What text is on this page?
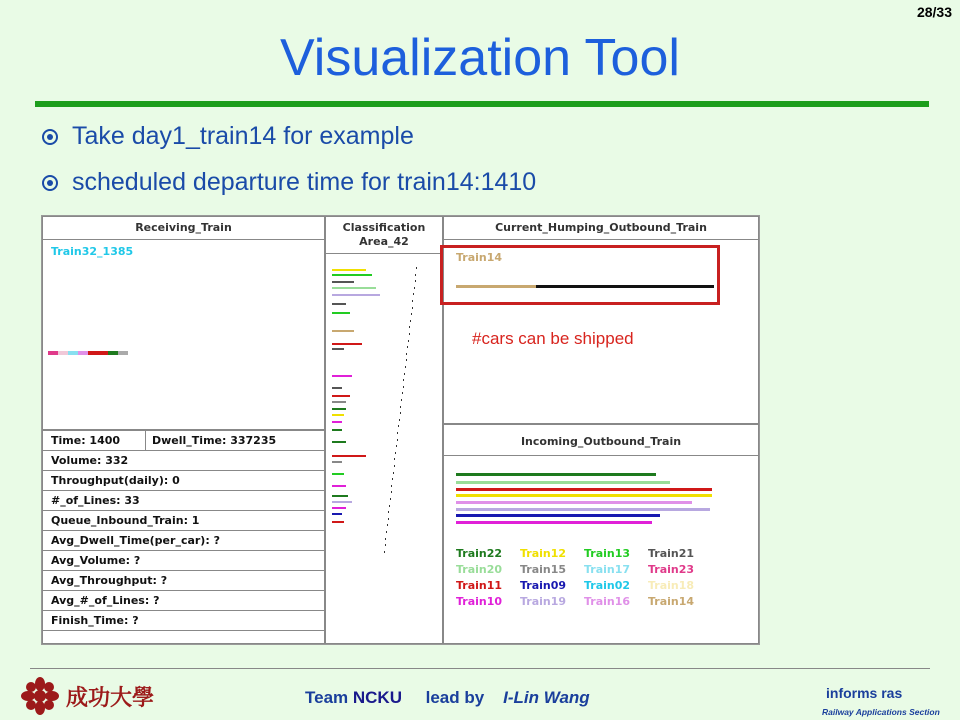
28/33
Visualization Tool
Take day1_train14 for example
scheduled departure time for train14:1410
Receiving_Train
Train32_1385
Time: 1400	Dwell_Time: 337235
Volume: 332
Throughput(daily): 0
#_of_Lines: 33
Queue_Inbound_Train: 1
Avg_Dwell_Time(per_car): ?
Avg_Volume: ?
Avg_Throughput: ?
Avg_#_of_Lines: ?
Finish_Time: ?
Classification
Area_42
Current_Humping_Outbound_Train
Train14
Incoming_Outbound_Train
Train22 Train12 Train13 Train21
Train20 Train15 Train17 Train23
Train11 Train09 Train02 Train18
Train10 Train19 Train16 Train14
#cars can be shipped
成功大學	Team NCKU lead by I-Lin Wang	informs ras
Railway Applications Section
